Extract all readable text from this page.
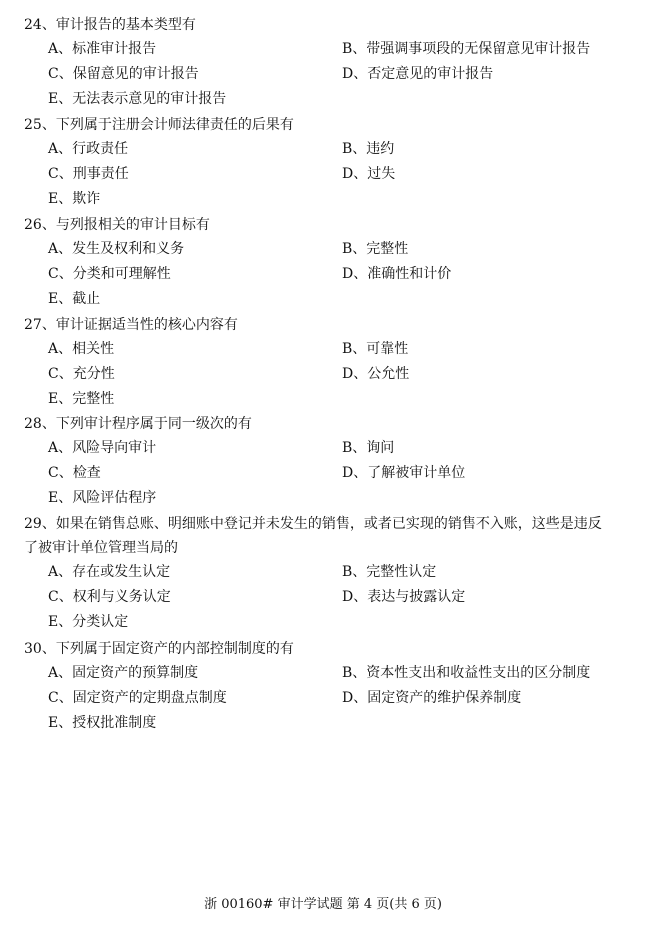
24、审计报告的基本类型有
A、标准审计报告	B、带强调事项段的无保留意见审计报告
C、保留意见的审计报告	D、否定意见的审计报告
E、无法表示意见的审计报告
25、下列属于注册会计师法律责任的后果有
A、行政责任	B、违约
C、刑事责任	D、过失
E、欺诈
26、与列报相关的审计目标有
A、发生及权利和义务	B、完整性
C、分类和可理解性	D、准确性和计价
E、截止
27、审计证据适当性的核心内容有
A、相关性	B、可靠性
C、充分性	D、公允性
E、完整性
28、下列审计程序属于同一级次的有
A、风险导向审计	B、询问
C、检查	D、了解被审计单位
E、风险评估程序
29、如果在销售总账、明细账中登记并未发生的销售，或者已实现的销售不入账，这些是违反了被审计单位管理当局的
A、存在或发生认定	B、完整性认定
C、权利与义务认定	D、表达与披露认定
E、分类认定
30、下列属于固定资产的内部控制制度的有
A、固定资产的预算制度	B、资本性支出和收益性支出的区分制度
C、固定资产的定期盘点制度	D、固定资产的维护保养制度
E、授权批准制度
浙 00160# 审计学试题 第 4 页(共 6 页)
